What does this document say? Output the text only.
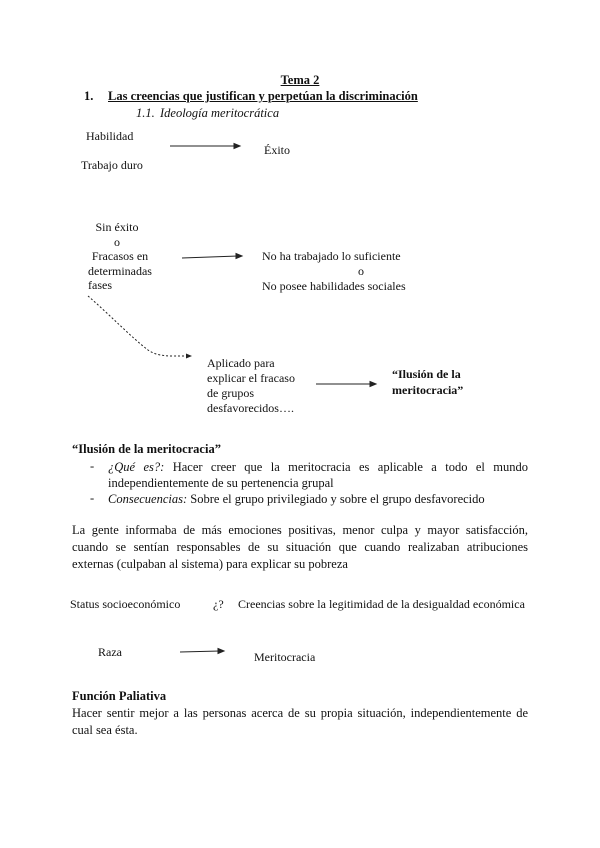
Tema 2
1. Las creencias que justifican y perpetúan la discriminación
1.1. Ideología meritocrática
Habilidad
Trabajo duro
Éxito
Sin éxito
o
Fracasos en
determinadas
fases
No ha trabajado lo suficiente
o
No posee habilidades sociales
Aplicado para
explicar el fracaso
de grupos
desfavorecidos….
“Ilusión de la
meritocracia”
“Ilusión de la meritocracia”
- ¿Qué es?: Hacer creer que la meritocracia es aplicable a todo el mundo independientemente de su pertenencia grupal
- Consecuencias: Sobre el grupo privilegiado y sobre el grupo desfavorecido
La gente informaba de más emociones positivas, menor culpa y mayor satisfacción, cuando se sentían responsables de su situación que cuando realizaban atribuciones externas (culpaban al sistema) para explicar su pobreza
Status socioeconómico	¿? Creencias sobre la legitimidad de la desigualdad económica
Raza	Meritocracia
Función Paliativa
Hacer sentir mejor a las personas acerca de su propia situación, independientemente de cual sea ésta.
